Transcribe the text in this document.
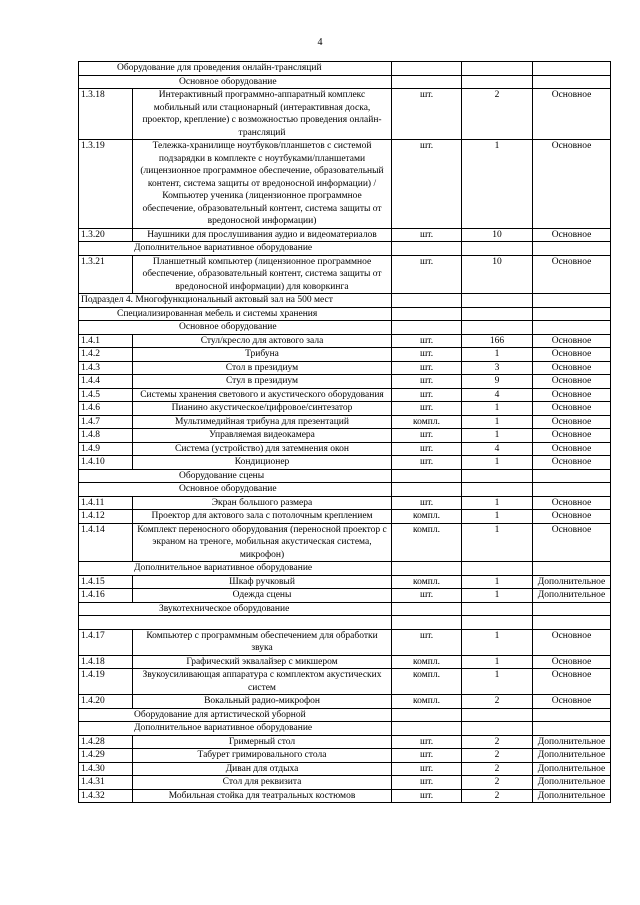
4
Оборудование для проведения онлайн-трансляций				
Основное оборудование				
1.3.18	Интерактивный программно-аппаратный комплекс мобильный или стационарный (интерактивная доска, проектор, крепление) с возможностью проведения онлайн-трансляций	шт.	2	Основное
1.3.19	Тележка-хранилище ноутбуков/планшетов с системой подзарядки в комплекте с ноутбуками/планшетами (лицензионное программное обеспечение, образовательный контент, система защиты от вредоносной информации) / Компьютер ученика (лицензионное программное обеспечение, образовательный контент, система защиты от вредоносной информации)	шт.	1	Основное
1.3.20	Наушники для прослушивания аудио и видеоматериалов	шт.	10	Основное
Дополнительное вариативное оборудование				
1.3.21	Планшетный компьютер (лицензионное программное обеспечение, образовательный контент, система защиты от вредоносной информации) для коворкинга	шт.	10	Основное
Подраздел 4. Многофункциональный актовый зал на 500 мест				
Специализированная мебель и системы хранения				
Основное оборудование				
1.4.1	Стул/кресло для актового зала	шт.	166	Основное
1.4.2	Трибуна	шт.	1	Основное
1.4.3	Стол в президиум	шт.	3	Основное
1.4.4	Стул в президиум	шт.	9	Основное
1.4.5	Системы хранения светового и акустического оборудования	шт.	4	Основное
1.4.6	Пианино акустическое/цифровое/синтезатор	шт.	1	Основное
1.4.7	Мультимедийная трибуна для презентаций	компл.	1	Основное
1.4.8	Управляемая видеокамера	шт.	1	Основное
1.4.9	Система (устройство) для затемнения окон	шт.	4	Основное
1.4.10	Кондиционер	шт.	1	Основное
Оборудование сцены				
Основное оборудование				
1.4.11	Экран большого размера	шт.	1	Основное
1.4.12	Проектор для актового зала с потолочным креплением	компл.	1	Основное
1.4.14	Комплект переносного оборудования (переносной проектор с экраном на треноге, мобильная акустическая система, микрофон)	компл.	1	Основное
Дополнительное вариативное оборудование				
1.4.15	Шкаф ручковый	компл.	1	Дополнительное
1.4.16	Одежда сцены	шт.	1	Дополнительное
Звукотехническое оборудование				

1.4.17	Компьютер с программным обеспечением для обработки звука	шт.	1	Основное
1.4.18	Графический эквалайзер с микшером	компл.	1	Основное
1.4.19	Звукоусиливающая аппаратура с комплектом акустических систем	компл.	1	Основное
1.4.20	Вокальный радио-микрофон	компл.	2	Основное
Оборудование для артистической уборной				
Дополнительное вариативное оборудование				
1.4.28	Гримерный стол	шт.	2	Дополнительное
1.4.29	Табурет гримировального стола	шт.	2	Дополнительное
1.4.30	Диван для отдыха	шт.	2	Дополнительное
1.4.31	Стол для реквизита	шт.	2	Дополнительное
1.4.32	Мобильная стойка для театральных костюмов	шт.	2	Дополнительное
